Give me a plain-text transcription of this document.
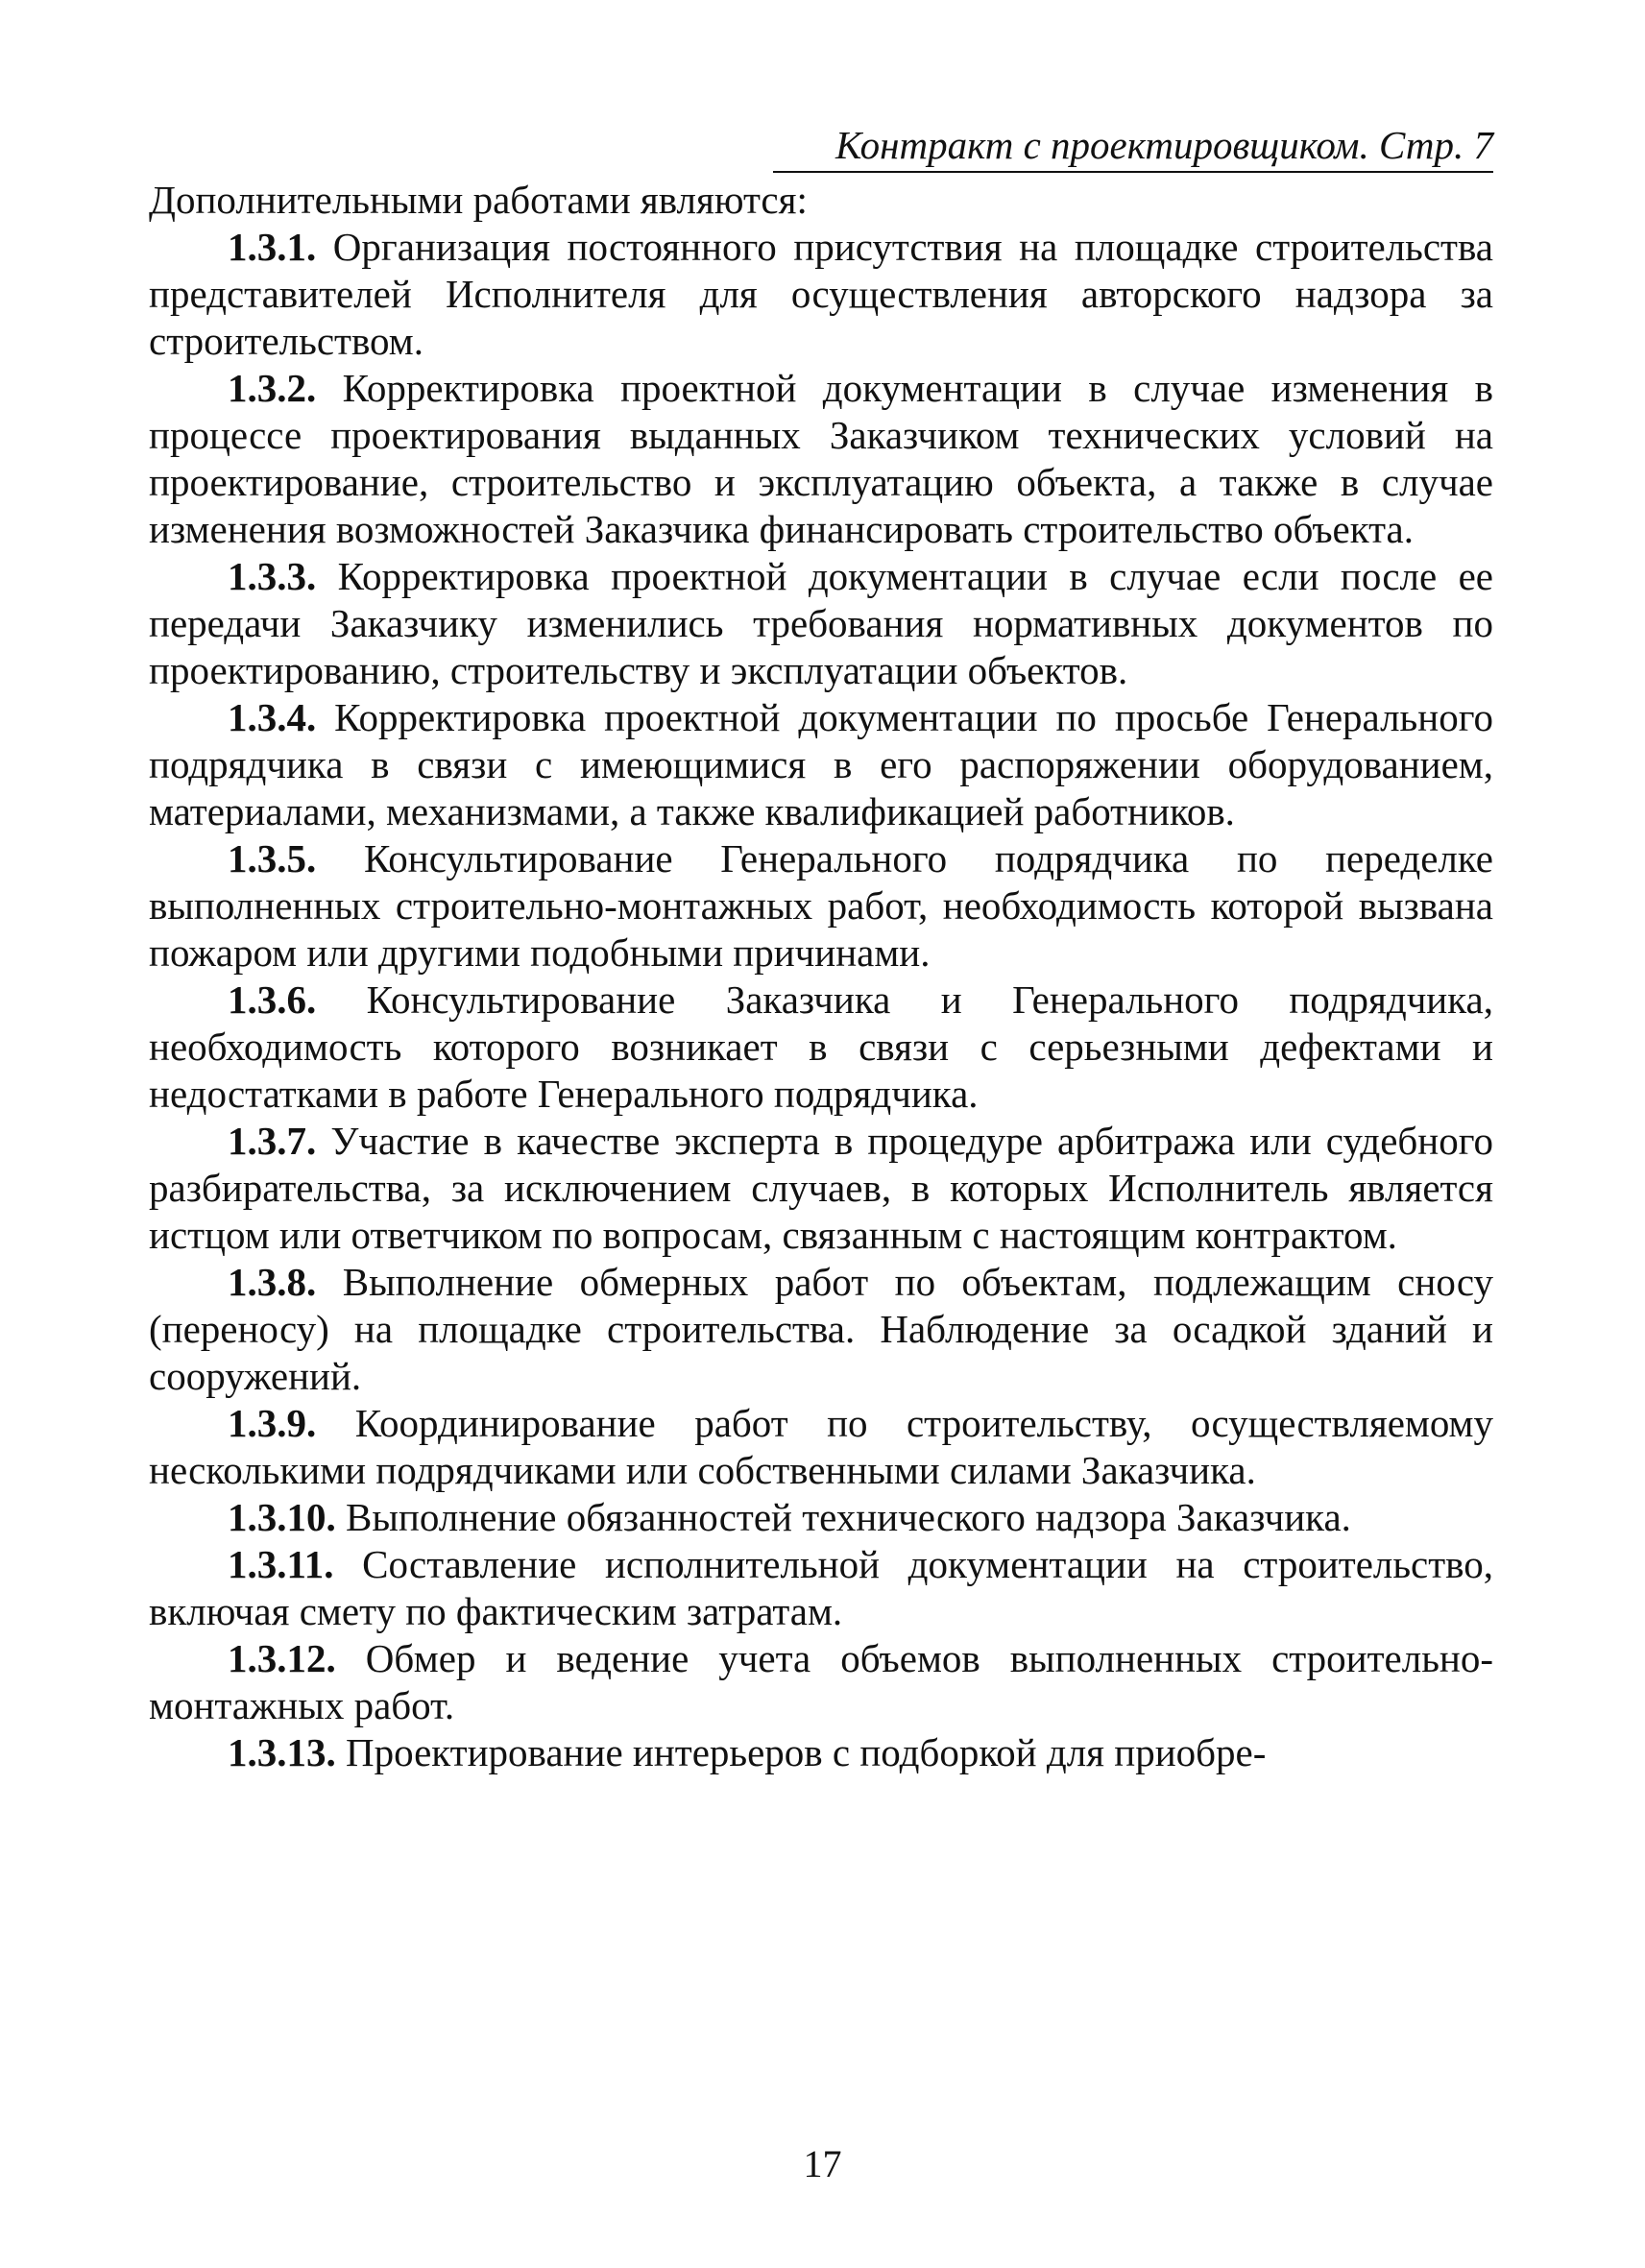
Контракт с проектировщиком. Стр. 7
Дополнительными работами являются:

1.3.1. Организация постоянного присутствия на площадке строительства представителей Исполнителя для осуществления авторского надзора за строительством.

1.3.2. Корректировка проектной документации в случае изменения в процессе проектирования выданных Заказчиком технических условий на проектирование, строительство и эксплуатацию объекта, а также в случае изменения возможностей Заказчика финансировать строительство объекта.

1.3.3. Корректировка проектной документации в случае если после ее передачи Заказчику изменились требования нормативных документов по проектированию, строительству и эксплуатации объектов.

1.3.4. Корректировка проектной документации по просьбе Генерального подрядчика в связи с имеющимися в его распоряжении оборудованием, материалами, механизмами, а также квалификацией работников.

1.3.5. Консультирование Генерального подрядчика по переделке выполненных строительно-монтажных работ, необходимость которой вызвана пожаром или другими подобными причинами.

1.3.6. Консультирование Заказчика и Генерального подрядчика, необходимость которого возникает в связи с серьезными дефектами и недостатками в работе Генерального подрядчика.

1.3.7. Участие в качестве эксперта в процедуре арбитража или судебного разбирательства, за исключением случаев, в которых Исполнитель является истцом или ответчиком по вопросам, связанным с настоящим контрактом.

1.3.8. Выполнение обмерных работ по объектам, подлежащим сносу (переносу) на площадке строительства. Наблюдение за осадкой зданий и сооружений.

1.3.9. Координирование работ по строительству, осуществляемому несколькими подрядчиками или собственными силами Заказчика.

1.3.10. Выполнение обязанностей технического надзора Заказчика.

1.3.11. Составление исполнительной документации на строительство, включая смету по фактическим затратам.

1.3.12. Обмер и ведение учета объемов выполненных строительно-монтажных работ.

1.3.13. Проектирование интерьеров с подборкой для приобре-

17
